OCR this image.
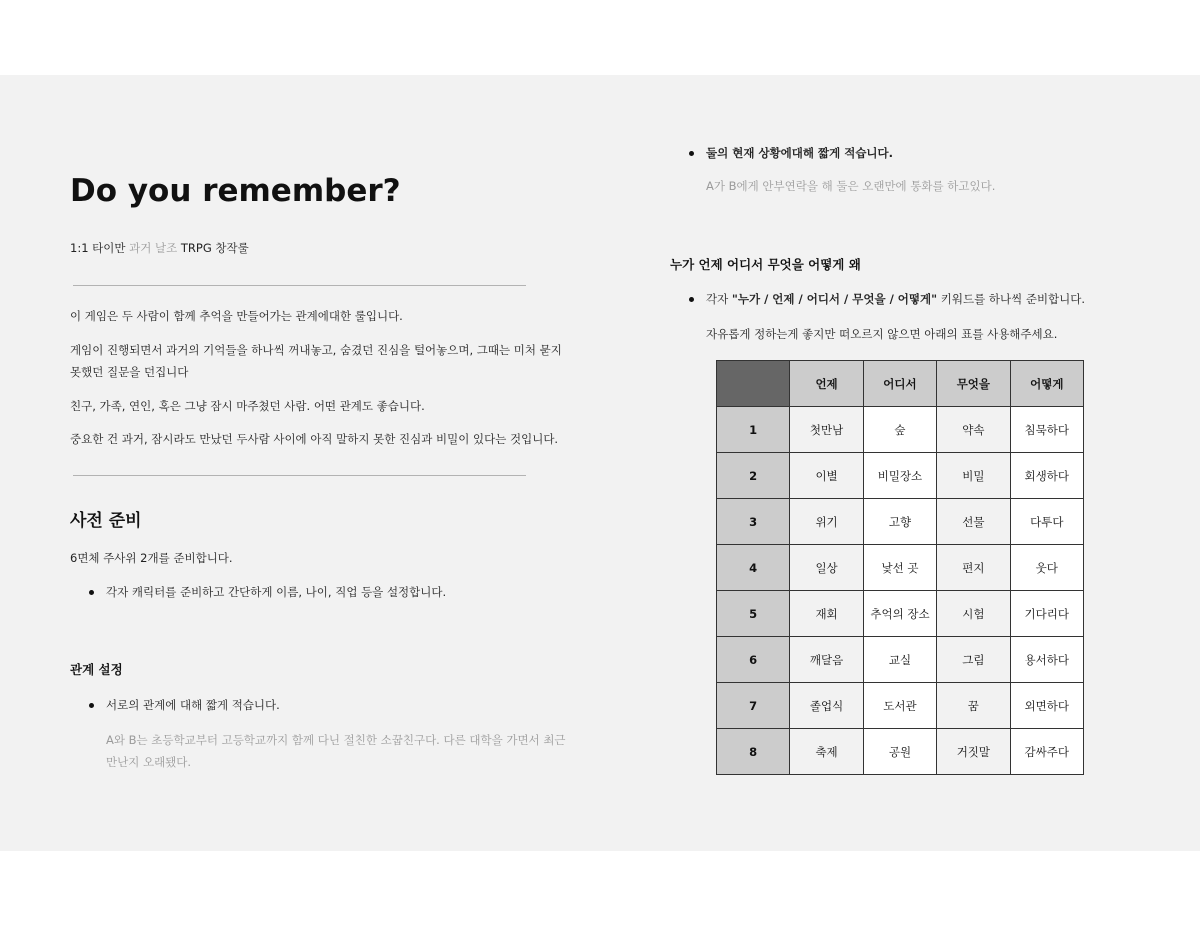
Do you remember?
1:1 타이만 과거 날조 TRPG 창작룰
이 게임은 두 사람이 함께 추억을 만들어가는 관계에대한 룰입니다.
게임이 진행되면서 과거의 기억들을 하나씩 꺼내놓고, 숨겼던 진심을 털어놓으며, 그때는 미처 묻지
못했던 질문을 던집니다
친구, 가족, 연인, 혹은 그냥 잠시 마주쳤던 사람. 어떤 관계도 좋습니다.
중요한 건 과거, 잠시라도 만났던 두사람 사이에 아직 말하지 못한 진심과 비밀이 있다는 것입니다.
사전 준비
6면체 주사위 2개를 준비합니다.
각자 캐릭터를 준비하고 간단하게 이름, 나이, 직업 등을 설정합니다.
관계 설정
서로의 관계에 대해 짧게 적습니다.
A와 B는 초등학교부터 고등학교까지 함께 다닌 절친한 소꿉친구다. 다른 대학을 가면서 최근
만난지 오래됐다.
둘의 현재 상황에대해 짧게 적습니다.
A가 B에게 안부연락을 해 둘은 오랜만에 통화를 하고있다.
누가 언제 어디서 무엇을 어떻게 왜
각자 "누가 / 언제 / 어디서 / 무엇을 / 어떻게" 키워드를 하나씩 준비합니다.
자유롭게 정하는게 좋지만 떠오르지 않으면 아래의 표를 사용해주세요.
	언제	어디서	무엇을	어떻게
1	첫만남	숲	약속	침묵하다
2	이별	비밀장소	비밀	회생하다
3	위기	고향	선물	다투다
4	일상	낯선 곳	편지	웃다
5	재회	추억의 장소	시험	기다리다
6	깨달음	교실	그림	용서하다
7	졸업식	도서관	꿈	외면하다
8	축제	공원	거짓말	감싸주다
